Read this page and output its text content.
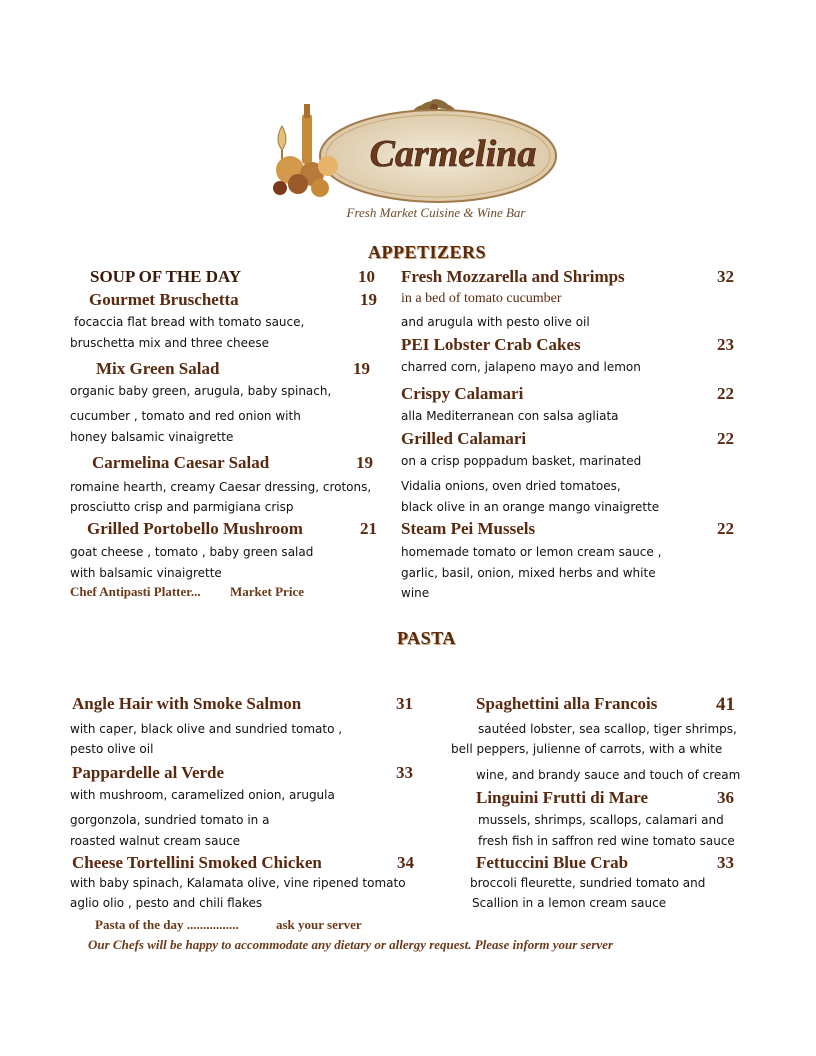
Carmelina
Fresh Market Cuisine & Wine Bar
APPETIZERS
SOUP OF THE DAY	10
Gourmet Bruschetta	19
focaccia flat bread with tomato sauce,
bruschetta mix and three cheese
Mix Green Salad	19
organic baby green, arugula, baby spinach,
cucumber , tomato and red onion with
honey balsamic vinaigrette
Carmelina Caesar Salad	19
romaine hearth, creamy Caesar dressing, crotons,
prosciutto crisp and parmigiana crisp
Grilled Portobello Mushroom	21
goat cheese , tomato , baby green salad
with balsamic vinaigrette
Chef Antipasti Platter... Market Price
Fresh Mozzarella and Shrimps	32
in a bed of tomato cucumber
and arugula with pesto olive oil
PEI Lobster Crab Cakes	23
charred corn, jalapeno mayo and lemon
Crispy Calamari	22
alla Mediterranean con salsa agliata
Grilled Calamari	22
on a crisp poppadum basket, marinated
Vidalia onions, oven dried tomatoes,
black olive in an orange mango vinaigrette
Steam Pei Mussels	22
homemade tomato or lemon cream sauce ,
garlic, basil, onion, mixed herbs and white
wine
PASTA
Angle Hair with Smoke Salmon	31
with caper, black olive and sundried tomato ,
pesto olive oil
Pappardelle al Verde	33
with mushroom, caramelized onion, arugula
gorgonzola, sundried tomato in a
roasted walnut cream sauce
Cheese Tortellini Smoked Chicken	34
with baby spinach, Kalamata olive, vine ripened tomato
aglio olio , pesto and chili flakes
Spaghettini alla Francois	41
sautéed lobster, sea scallop, tiger shrimps,
bell peppers, julienne of carrots, with a white
wine, and brandy sauce and touch of cream
Linguini Frutti di Mare	36
mussels, shrimps, scallops, calamari and
fresh fish in saffron red wine tomato sauce
Fettuccini Blue Crab	33
broccoli fleurette, sundried tomato and
Scallion in a lemon cream sauce
Pasta of the day ................	ask your server
Our Chefs will be happy to accommodate any dietary or allergy request. Please inform your server
